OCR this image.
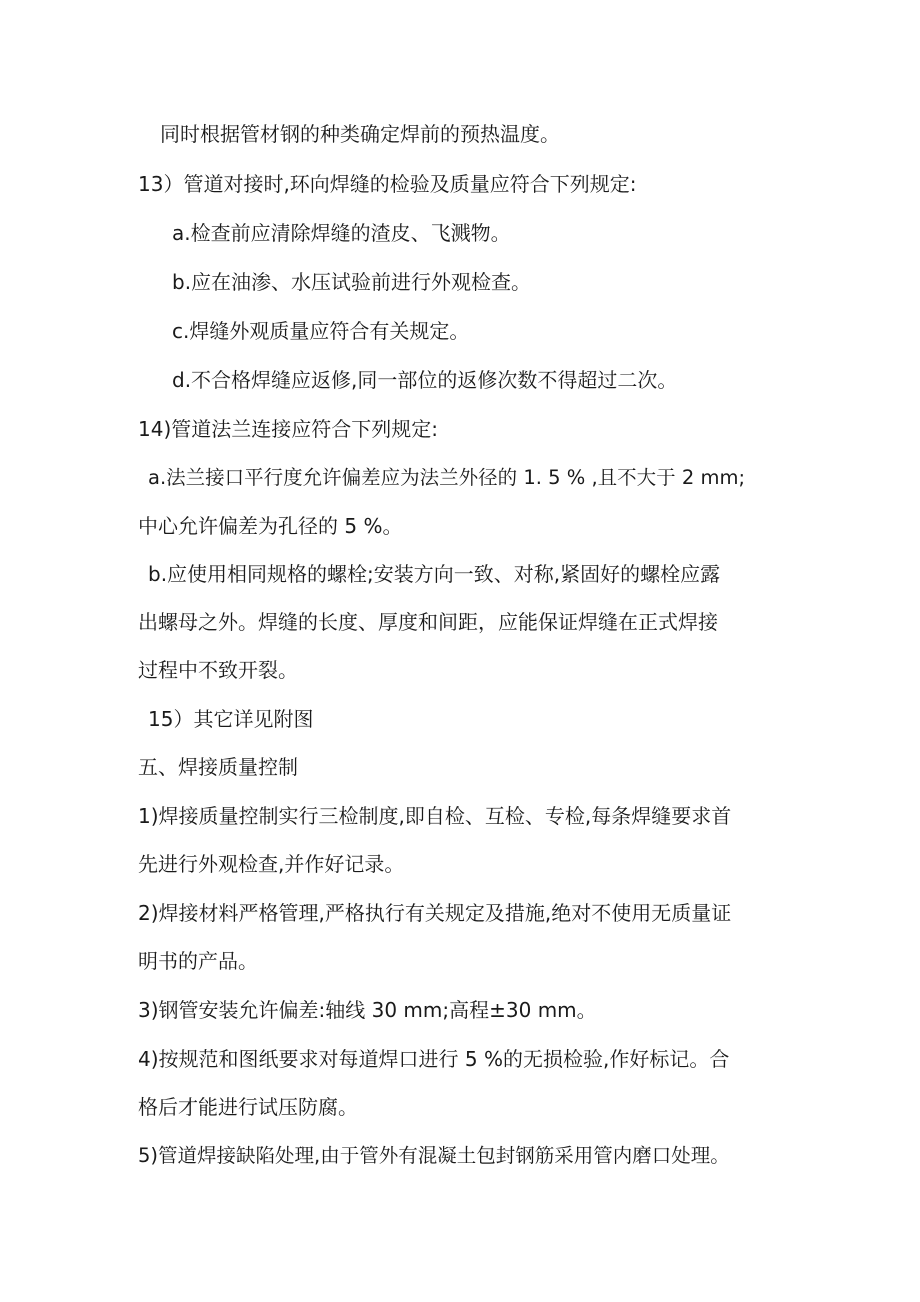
同时根据管材钢的种类确定焊前的预热温度。
13）管道对接时,环向焊缝的检验及质量应符合下列规定:
a.检查前应清除焊缝的渣皮、飞溅物。
b.应在油渗、水压试验前进行外观检查。
c.焊缝外观质量应符合有关规定。
d.不合格焊缝应返修,同一部位的返修次数不得超过二次。
14)管道法兰连接应符合下列规定:
a.法兰接口平行度允许偏差应为法兰外径的 1. 5 % ,且不大于 2 mm;
中心允许偏差为孔径的 5 %。
b.应使用相同规格的螺栓;安装方向一致、对称,紧固好的螺栓应露
出螺母之外。焊缝的长度、厚度和间距，应能保证焊缝在正式焊接
过程中不致开裂。
15）其它详见附图
五、焊接质量控制
1)焊接质量控制实行三检制度,即自检、互检、专检,每条焊缝要求首
先进行外观检查,并作好记录。
2)焊接材料严格管理,严格执行有关规定及措施,绝对不使用无质量证
明书的产品。
3)钢管安装允许偏差:轴线 30 mm;高程±30 mm。
4)按规范和图纸要求对每道焊口进行 5 %的无损检验,作好标记。合
格后才能进行试压防腐。
5)管道焊接缺陷处理,由于管外有混凝土包封钢筋采用管内磨口处理。
